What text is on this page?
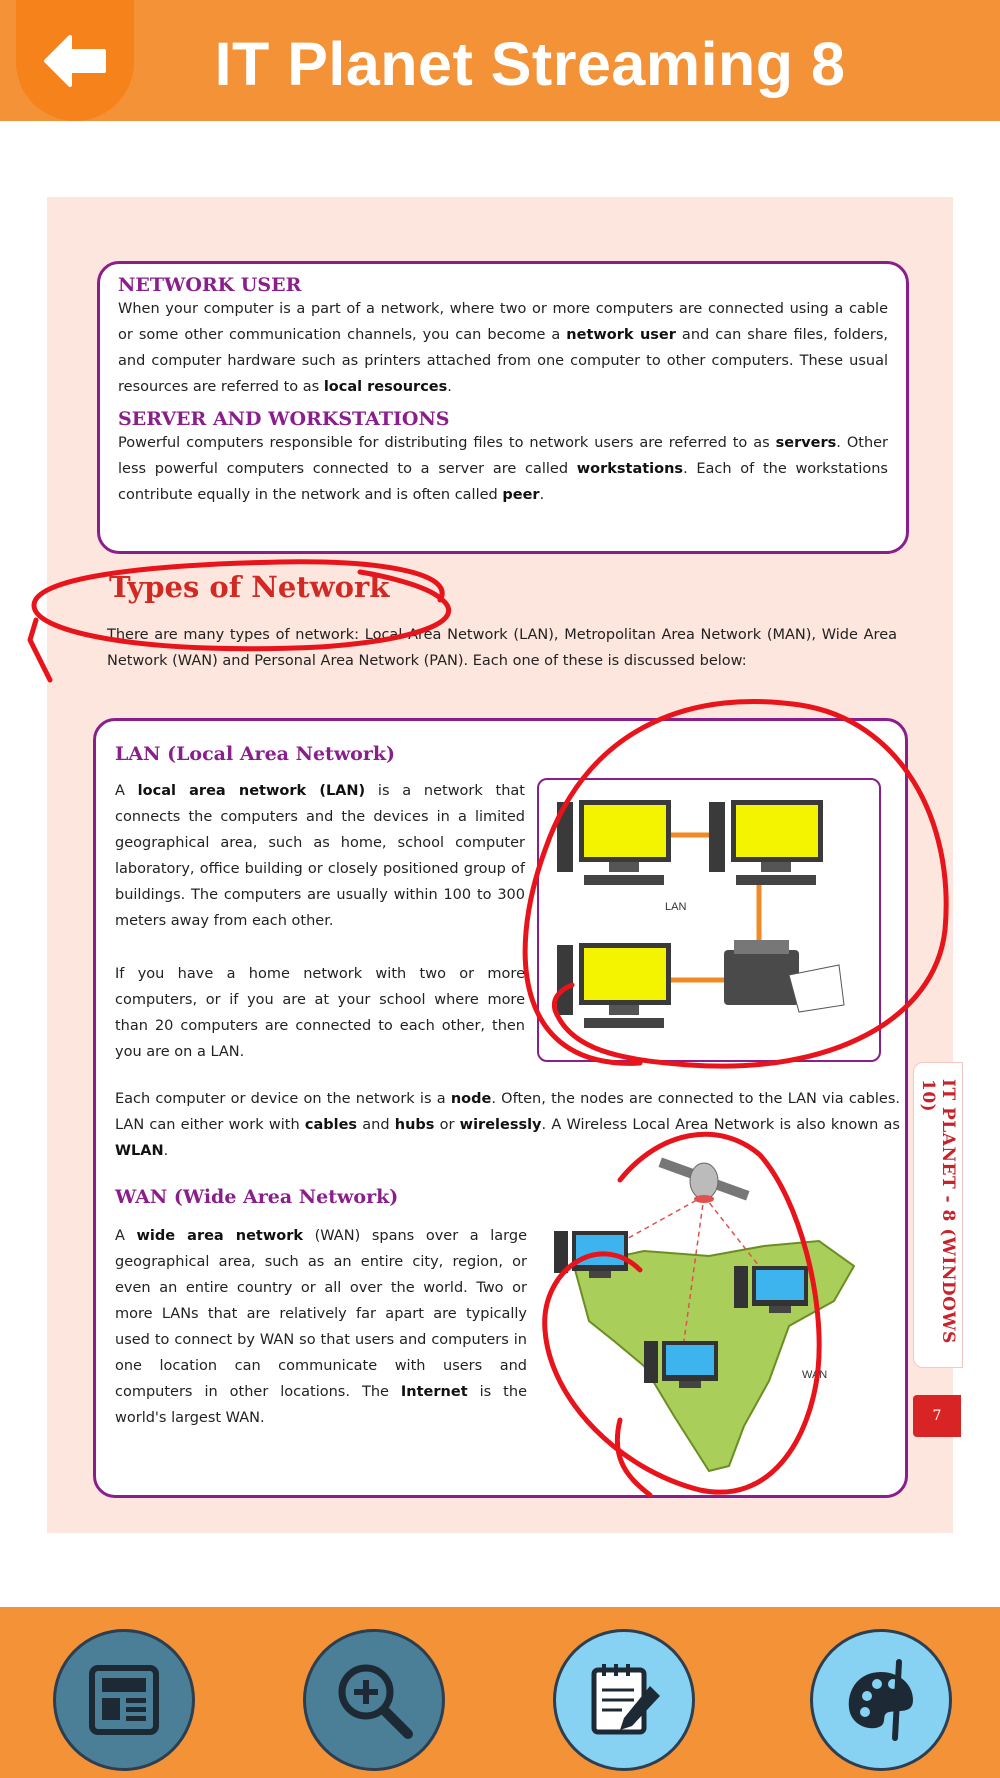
IT Planet Streaming 8
NETWORK USER

When your computer is a part of a network, where two or more computers are connected using a cable or some other communication channels, you can become a network user and can share files, folders, and computer hardware such as printers attached from one computer to other computers. These usual resources are referred to as local resources.

SERVER AND WORKSTATIONS

Powerful computers responsible for distributing files to network users are referred to as servers. Other less powerful computers connected to a server are called workstations. Each of the workstations contribute equally in the network and is often called peer.

Types of Network

There are many types of network: Local Area Network (LAN), Metropolitan Area Network (MAN), Wide Area Network (WAN) and Personal Area Network (PAN). Each one of these is discussed below:

LAN (Local Area Network)

A local area network (LAN) is a network that connects the computers and the devices in a limited geographical area, such as home, school computer laboratory, office building or closely positioned group of buildings. The computers are usually within 100 to 300 meters away from each other.

If you have a home network with two or more computers, or if you are at your school where more than 20 computers are connected to each other, then you are on a LAN.

LAN

Each computer or device on the network is a node. Often, the nodes are connected to the LAN via cables. LAN can either work with cables and hubs or wirelessly. A Wireless Local Area Network is also known as WLAN.

WAN (Wide Area Network)

A wide area network (WAN) spans over a large geographical area, such as an entire city, region, or even an entire country or all over the world. Two or more LANs that are relatively far apart are typically used to connect by WAN so that users and computers in one location can communicate with users and computers in other locations. The Internet is the world's largest WAN.

WAN
IT PLANET - 8 (WINDOWS 10)
7
